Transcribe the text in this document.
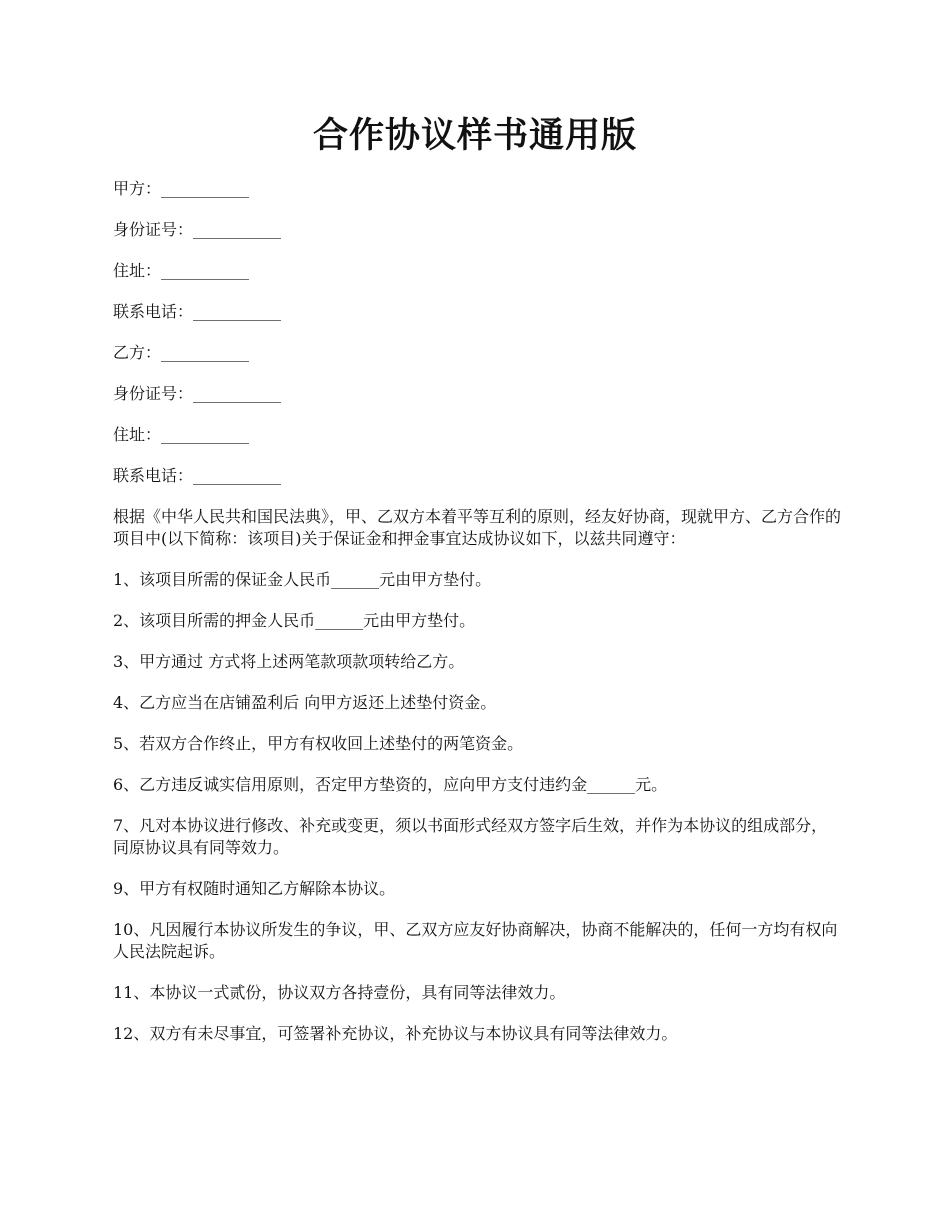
合作协议样书通用版

甲方：___________

身份证号：___________

住址：___________

联系电话：___________

乙方：___________

身份证号：___________

住址：___________

联系电话：___________

根据《中华人民共和国民法典》，甲、乙双方本着平等互利的原则，经友好协商，现就甲方、乙方合作的 项目中(以下简称：该项目)关于保证金和押金事宜达成协议如下，以兹共同遵守：

1、该项目所需的保证金人民币______元由甲方垫付。

2、该项目所需的押金人民币______元由甲方垫付。

3、甲方通过 方式将上述两笔款项款项转给乙方。

4、乙方应当在店铺盈利后 向甲方返还上述垫付资金。

5、若双方合作终止，甲方有权收回上述垫付的两笔资金。

6、乙方违反诚实信用原则，否定甲方垫资的，应向甲方支付违约金______元。

7、凡对本协议进行修改、补充或变更，须以书面形式经双方签字后生效，并作为本协议的组成部分，同原协议具有同等效力。

9、甲方有权随时通知乙方解除本协议。

10、凡因履行本协议所发生的争议，甲、乙双方应友好协商解决，协商不能解决的，任何一方均有权向 人民法院起诉。

11、本协议一式贰份，协议双方各持壹份，具有同等法律效力。

12、双方有未尽事宜，可签署补充协议，补充协议与本协议具有同等法律效力。
